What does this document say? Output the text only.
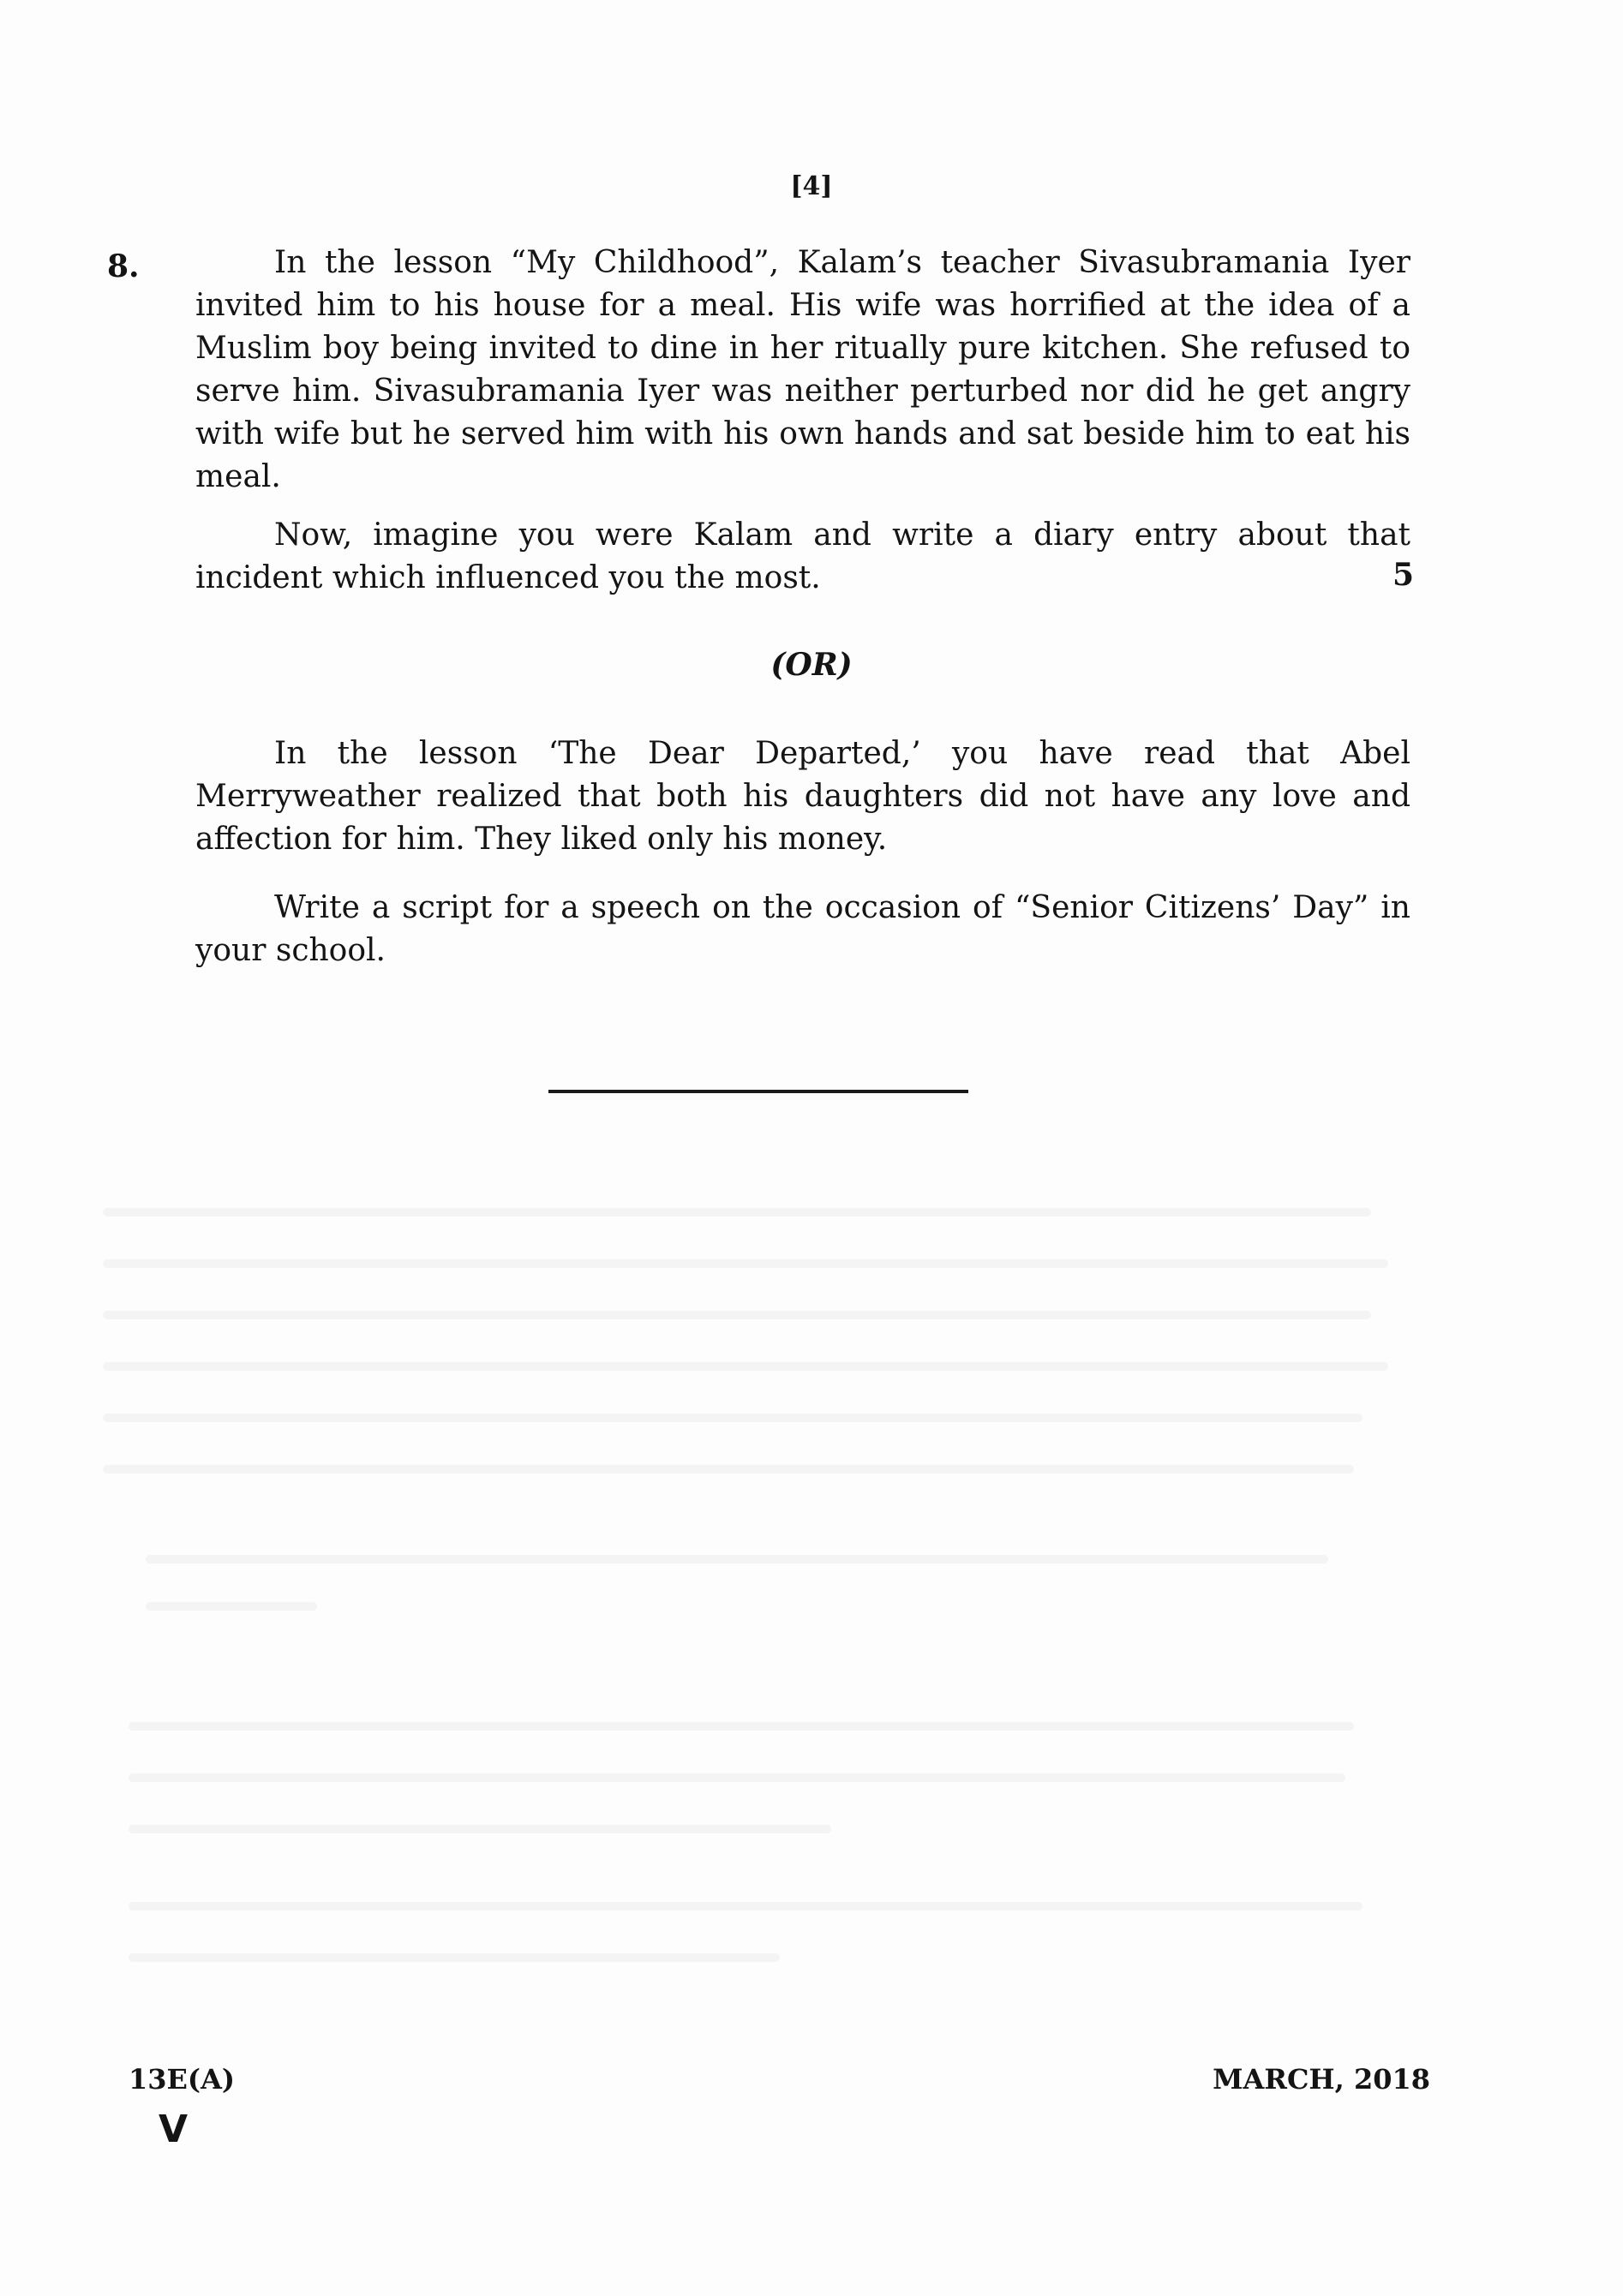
[4]
8.	In the lesson “My Childhood”, Kalam’s teacher Sivasubramania Iyer invited him to his house for a meal. His wife was horrified at the idea of a Muslim boy being invited to dine in her ritually pure kitchen. She refused to serve him. Sivasubramania Iyer was neither perturbed nor did he get angry with wife but he served him with his own hands and sat beside him to eat his meal.

Now, imagine you were Kalam and write a diary entry about that incident which influenced you the most.	5
(OR)

In the lesson ‘The Dear Departed,’ you have read that Abel Merryweather realized that both his daughters did not have any love and affection for him. They liked only his money.

Write a script for a speech on the occasion of “Senior Citizens’ Day” in your school.

13E(A)	MARCH, 2018
V
